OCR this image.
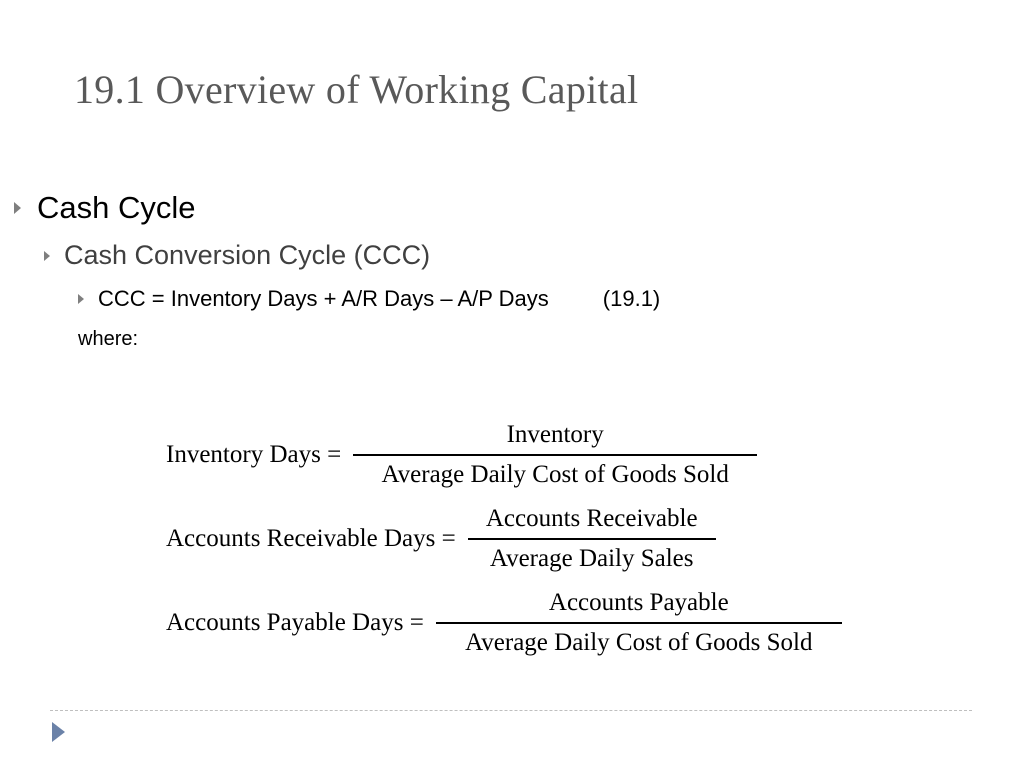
19.1 Overview of Working Capital
Cash Cycle
Cash Conversion Cycle (CCC)
CCC = Inventory Days + A/R Days – A/P Days (19.1)
where:
Inventory Days = $\frac{\text{Inventory}}{\text{Average Daily Cost of Goods Sold}}$
Accounts Receivable Days = $\frac{\text{Accounts Receivable}}{\text{Average Daily Sales}}$
Accounts Payable Days = $\frac{\text{Accounts Payable}}{\text{Average Daily Cost of Goods Sold}}$
